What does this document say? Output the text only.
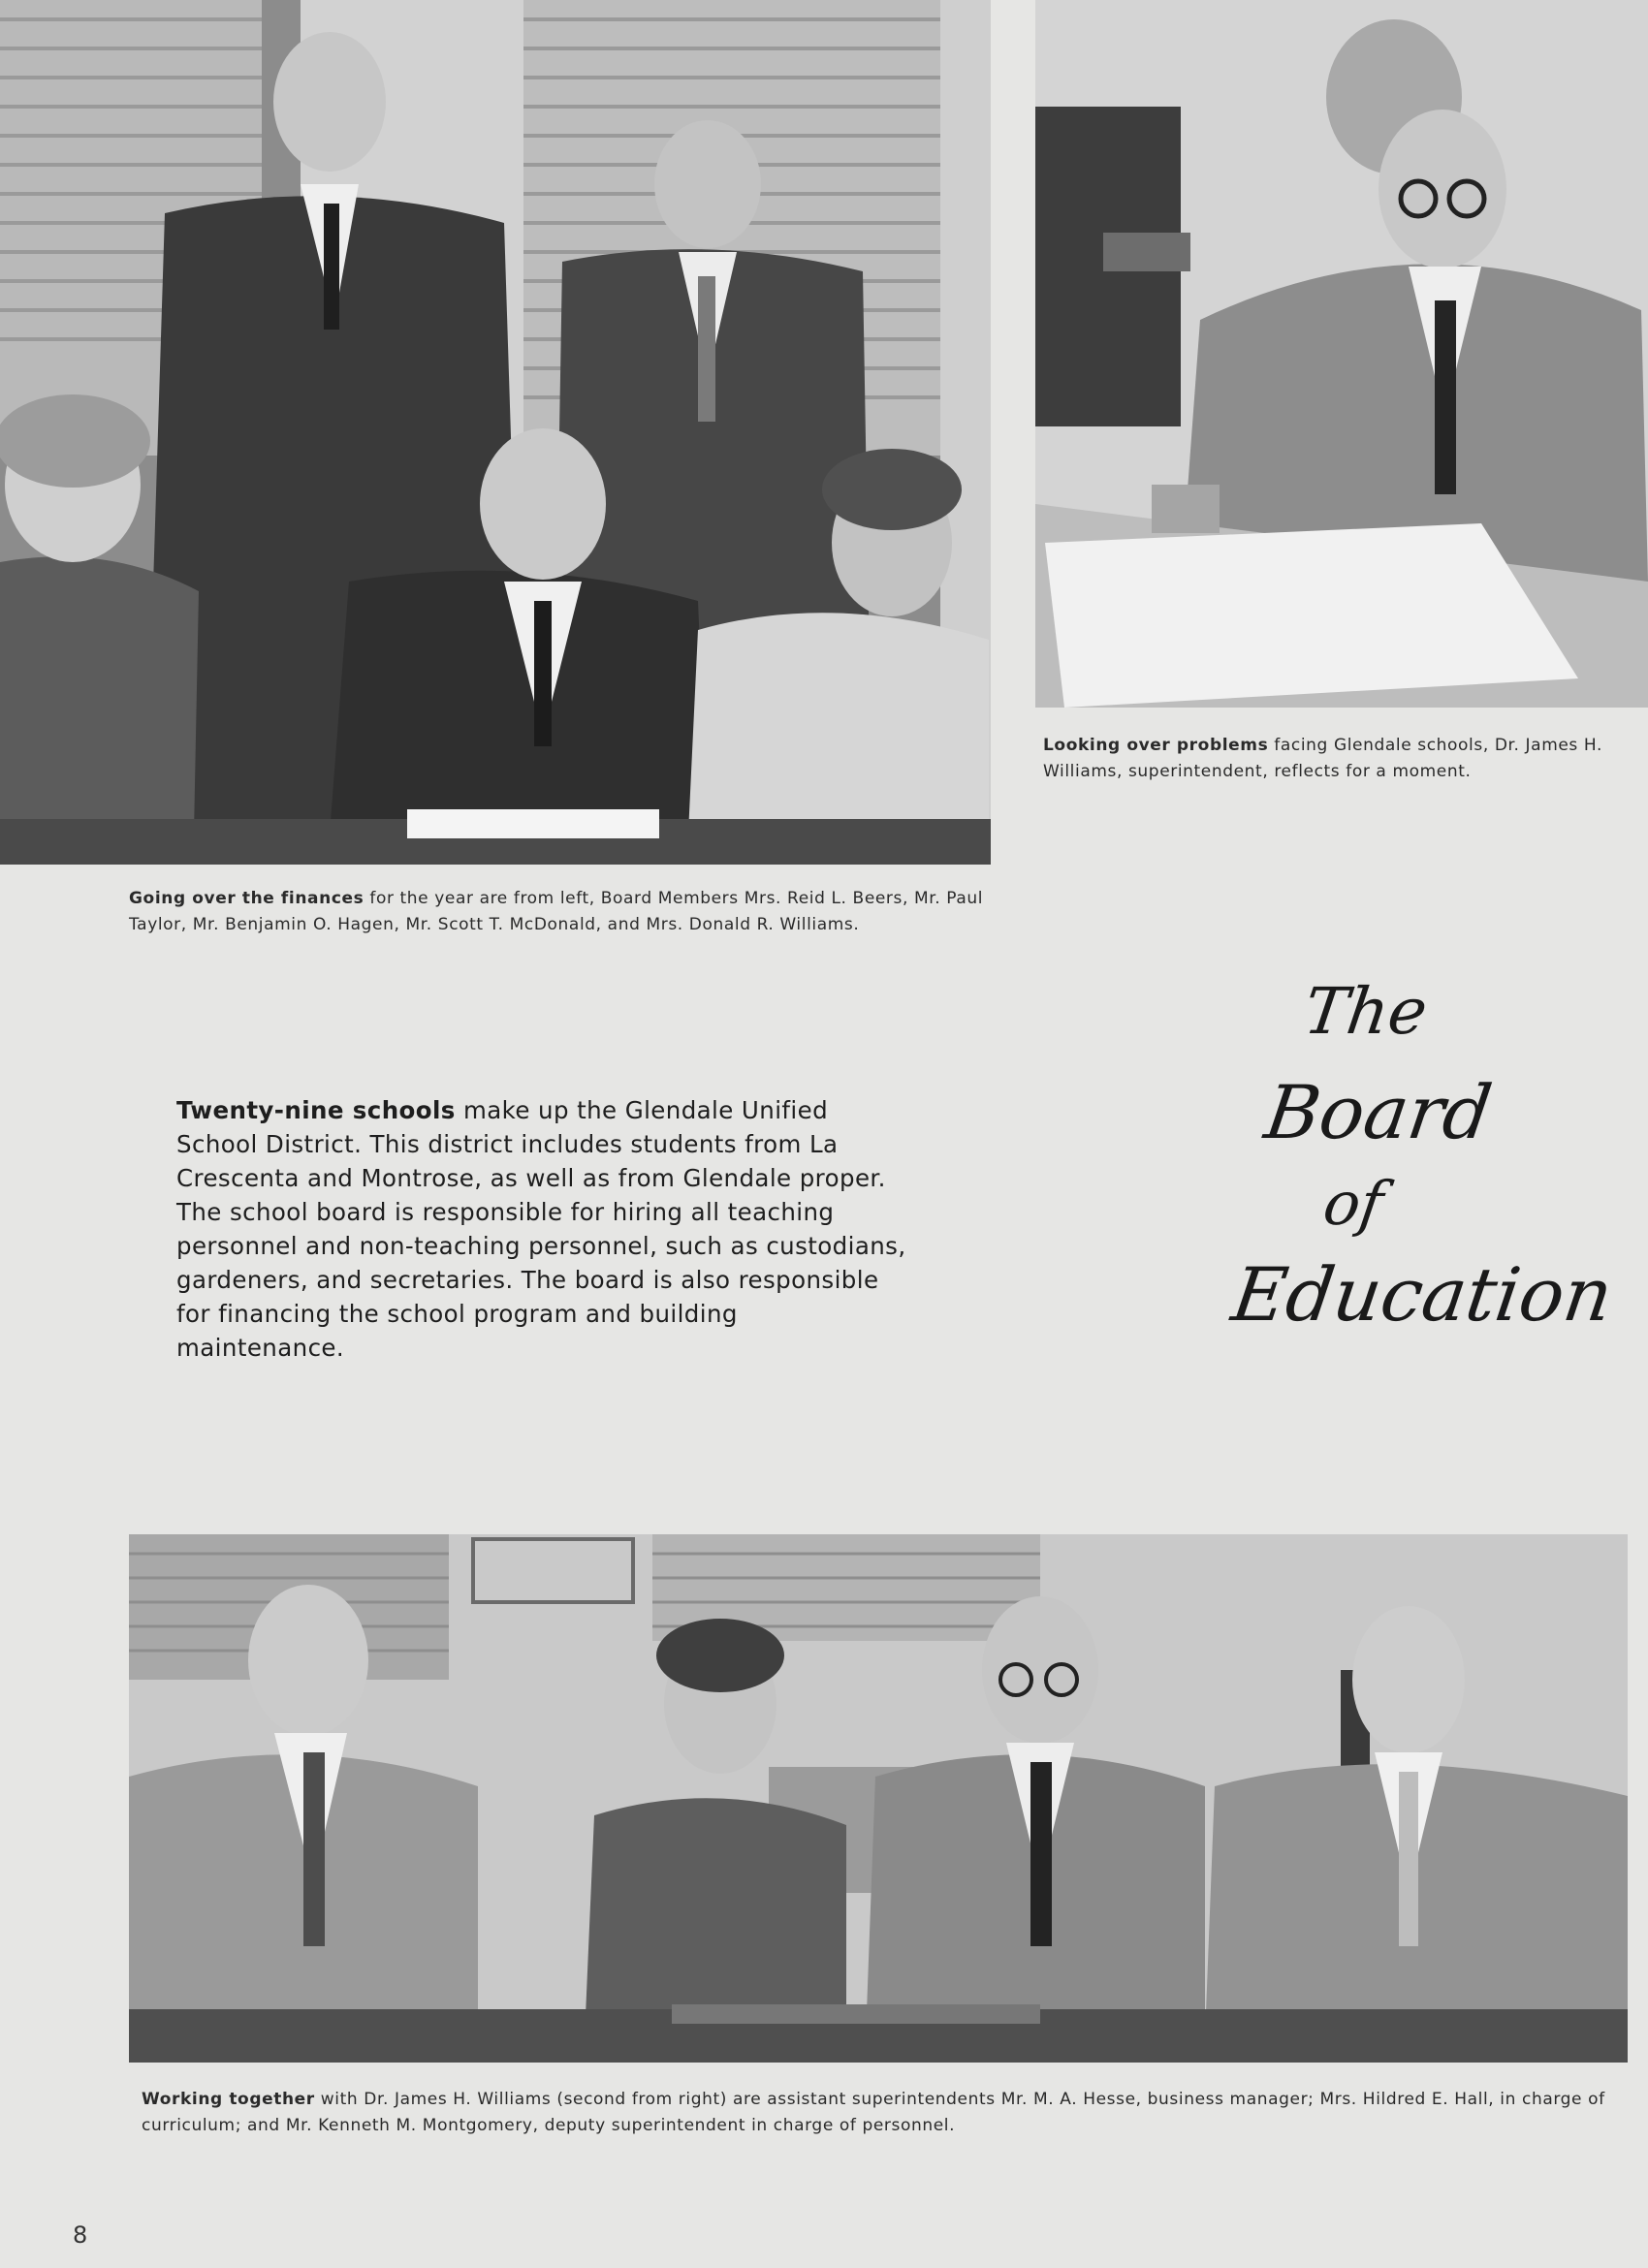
Going over the finances for the year are from left, Board Members Mrs. Reid L. Beers, Mr. Paul Taylor, Mr. Benjamin O. Hagen, Mr. Scott T. McDonald, and Mrs. Donald R. Williams.

Looking over problems facing Glendale schools, Dr. James H. Williams, superintendent, reflects for a moment.

Twenty-nine schools make up the Glendale Unified School District. This district includes students from La Crescenta and Montrose, as well as from Glendale proper. The school board is responsible for hiring all teaching personnel and non-teaching personnel, such as custodians, gardeners, and secretaries. The board is also responsible for financing the school program and building maintenance.

The
Board
of
Education

Working together with Dr. James H. Williams (second from right) are assistant superintendents Mr. M. A. Hesse, business manager; Mrs. Hildred E. Hall, in charge of curriculum; and Mr. Kenneth M. Montgomery, deputy superintendent in charge of personnel.

8
